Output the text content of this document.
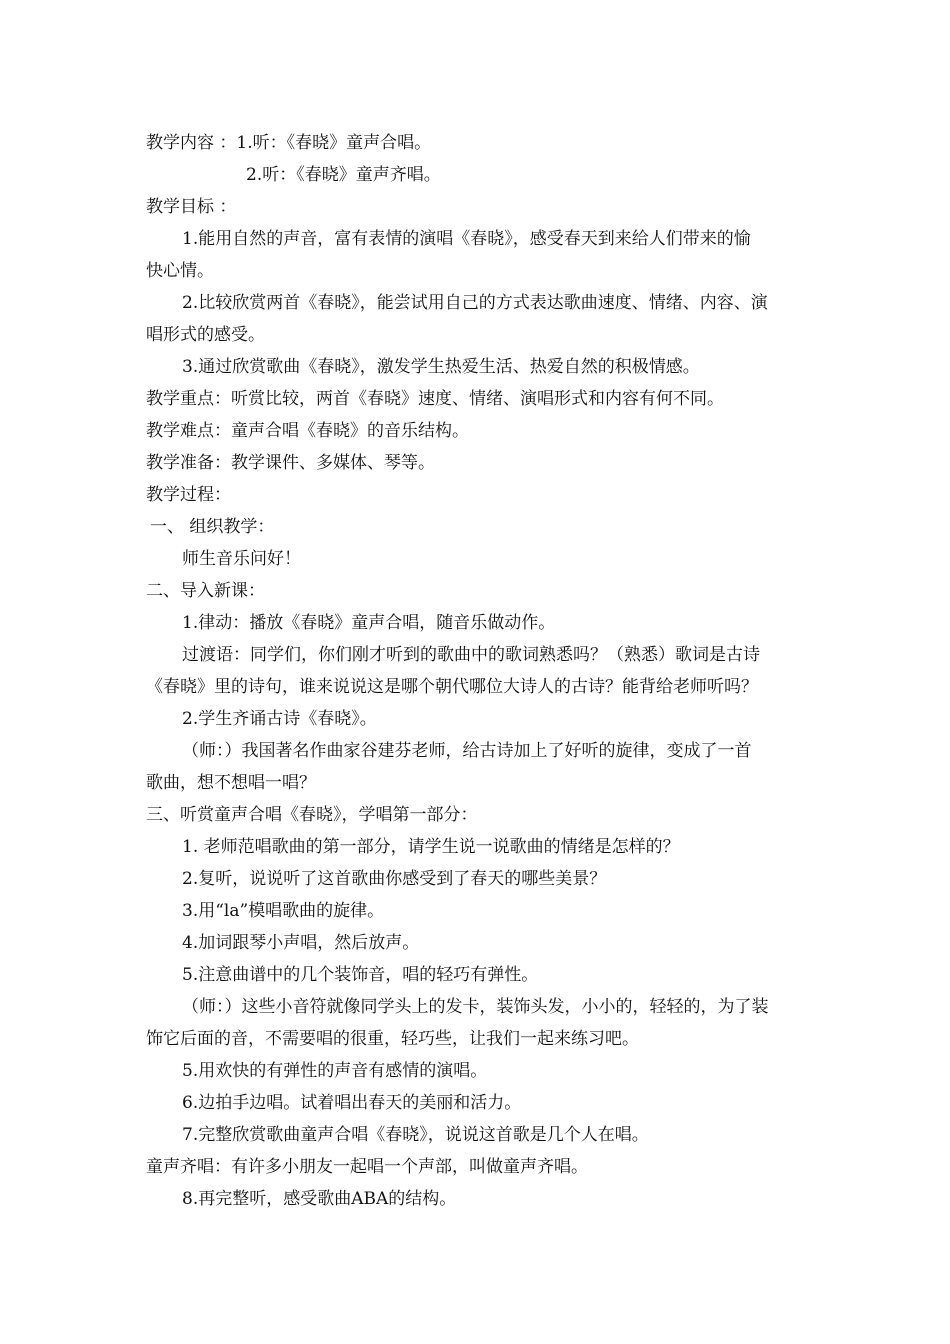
教学内容 ：1.听：《春晓》童声合唱。
2.听：《春晓》童声齐唱。
教学目标 ：
1.能用自然的声音，富有表情的演唱《春晓》，感受春天到来给人们带来的愉
快心情。
2.比较欣赏两首《春晓》，能尝试用自己的方式表达歌曲速度、情绪、内容、演
唱形式的感受。
3.通过欣赏歌曲《春晓》，激发学生热爱生活、热爱自然的积极情感。
教学重点：听赏比较，两首《春晓》速度、情绪、演唱形式和内容有何不同。
教学难点：童声合唱《春晓》的音乐结构。
教学准备：教学课件、多媒体、琴等。
教学过程：
一、 组织教学：
师生音乐问好！
二、导入新课：
1.律动：播放《春晓》童声合唱，随音乐做动作。
过渡语：同学们，你们刚才听到的歌曲中的歌词熟悉吗？（熟悉）歌词是古诗
《春晓》里的诗句，谁来说说这是哪个朝代哪位大诗人的古诗？能背给老师听吗？
2.学生齐诵古诗《春晓》。
（师：）我国著名作曲家谷建芬老师，给古诗加上了好听的旋律，变成了一首
歌曲，想不想唱一唱？
三、听赏童声合唱《春晓》，学唱第一部分：
1. 老师范唱歌曲的第一部分，请学生说一说歌曲的情绪是怎样的？
2.复听，说说听了这首歌曲你感受到了春天的哪些美景？
3.用“la”模唱歌曲的旋律。
4.加词跟琴小声唱，然后放声。
5.注意曲谱中的几个装饰音，唱的轻巧有弹性。
（师：）这些小音符就像同学头上的发卡，装饰头发，小小的，轻轻的，为了装
饰它后面的音，不需要唱的很重，轻巧些，让我们一起来练习吧。
5.用欢快的有弹性的声音有感情的演唱。
6.边拍手边唱。试着唱出春天的美丽和活力。
7.完整欣赏歌曲童声合唱《春晓》，说说这首歌是几个人在唱。
童声齐唱：有许多小朋友一起唱一个声部，叫做童声齐唱。
8.再完整听，感受歌曲ABA的结构。
